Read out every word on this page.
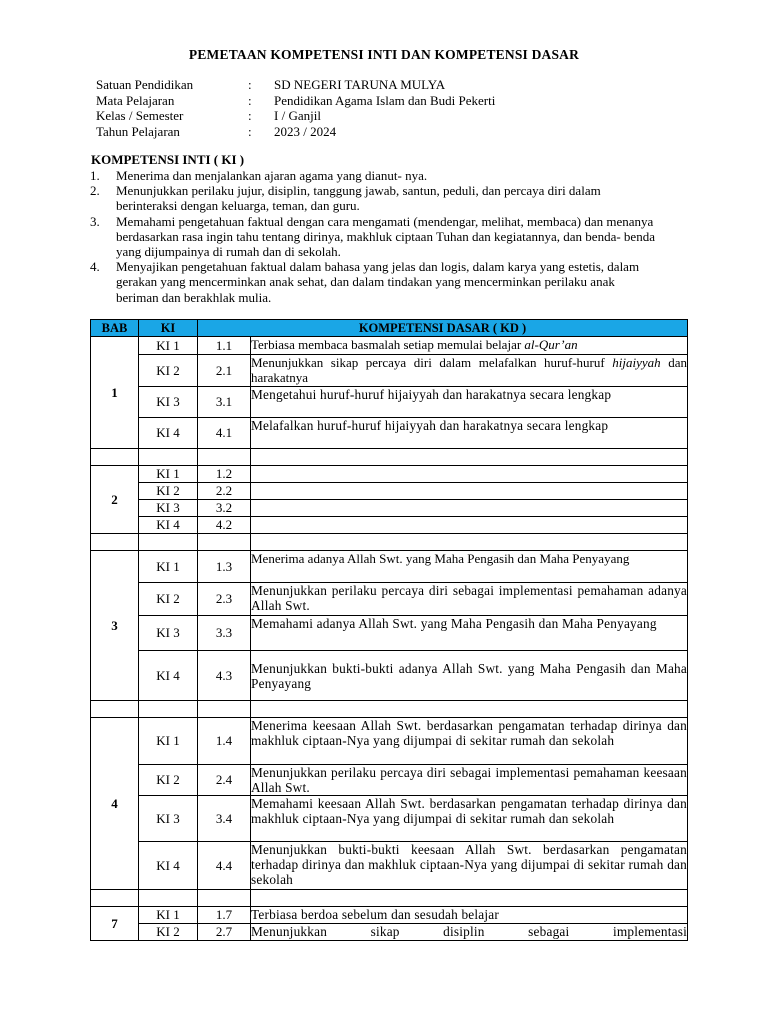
PEMETAAN KOMPETENSI INTI DAN KOMPETENSI DASAR
Satuan Pendidikan	: SD NEGERI TARUNA MULYA
Mata Pelajaran	: Pendidikan Agama Islam dan Budi Pekerti
Kelas / Semester	: I / Ganjil
Tahun Pelajaran	: 2023 / 2024
KOMPETENSI INTI ( KI )
1.	Menerima dan menjalankan ajaran agama yang dianut- nya.
2.	Menunjukkan perilaku jujur, disiplin, tanggung jawab, santun, peduli, dan percaya diri dalam berinteraksi dengan keluarga, teman, dan guru.
3.	Memahami pengetahuan faktual dengan cara mengamati (mendengar, melihat, membaca) dan menanya berdasarkan rasa ingin tahu tentang dirinya, makhluk ciptaan Tuhan dan kegiatannya, dan benda- benda yang dijumpainya di rumah dan di sekolah.
4.	Menyajikan pengetahuan faktual dalam bahasa yang jelas dan logis, dalam karya yang estetis, dalam gerakan yang mencerminkan anak sehat, dan dalam tindakan yang mencerminkan perilaku anak beriman dan berakhlak mulia.
BAB	KI	KOMPETENSI DASAR ( KD )	
1	KI 1	1.1	Terbiasa membaca basmalah setiap memulai belajar al-Qur’an
	KI 2	2.1	Menunjukkan sikap percaya diri dalam melafalkan huruf-huruf hijaiyyah dan harakatnya
	KI 3	3.1	Mengetahui huruf-huruf hijaiyyah dan harakatnya secara lengkap
	KI 4	4.1	Melafalkan huruf-huruf hijaiyyah dan harakatnya secara lengkap

2	KI 1	1.2	
	KI 2	2.2	
	KI 3	3.2	
	KI 4	4.2	

3	KI 1	1.3	Menerima adanya Allah Swt. yang Maha Pengasih dan Maha Penyayang
	KI 2	2.3	Menunjukkan perilaku percaya diri sebagai implementasi pemahaman adanya Allah Swt.
	KI 3	3.3	Memahami adanya Allah Swt. yang Maha Pengasih dan Maha Penyayang
	KI 4	4.3	Menunjukkan bukti-bukti adanya Allah Swt. yang Maha Pengasih dan Maha Penyayang

4	KI 1	1.4	Menerima keesaan Allah Swt. berdasarkan pengamatan terhadap dirinya dan makhluk ciptaan-Nya yang dijumpai di sekitar rumah dan sekolah
	KI 2	2.4	Menunjukkan perilaku percaya diri sebagai implementasi pemahaman keesaan Allah Swt.
	KI 3	3.4	Memahami keesaan Allah Swt. berdasarkan pengamatan terhadap dirinya dan makhluk ciptaan-Nya yang dijumpai di sekitar rumah dan sekolah
	KI 4	4.4	Menunjukkan bukti-bukti keesaan Allah Swt. berdasarkan pengamatan terhadap dirinya dan makhluk ciptaan-Nya yang dijumpai di sekitar rumah dan sekolah

7	KI 1	1.7	Terbiasa berdoa sebelum dan sesudah belajar
	KI 2	2.7	Menunjukkan sikap disiplin sebagai implementasi
